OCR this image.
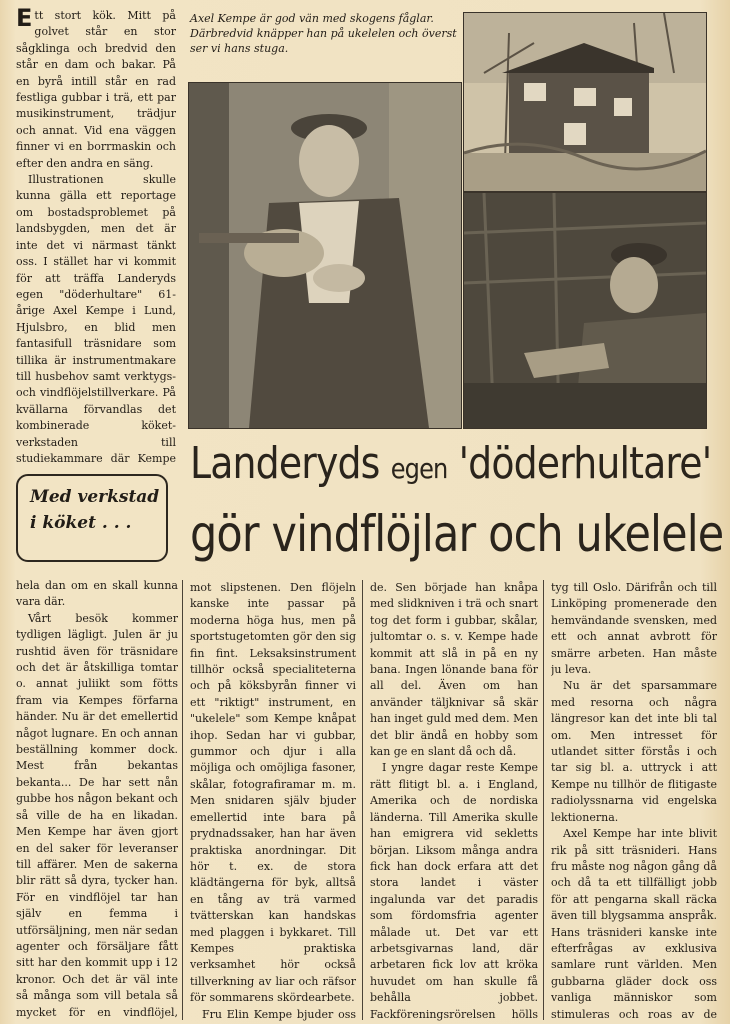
Ett stort kök. Mitt på golvet står en stor sågklinga och bredvid den står en dam och bakar. På en byrå intill står en rad festliga gubbar i trä, ett par musikinstrument, trädjur och annat. Vid ena väggen finner vi en borrmaskin och efter den andra en säng.

Illustrationen skulle kunna gälla ett reportage om bostadsproblemet på landsbygden, men det är inte det vi närmast tänkt oss. I stället har vi kommit för att träffa Landeryds egen "döderhultare" 61-årige Axel Kempe i Lund, Hjulsbro, en blid men fantasifull träsnidare som tillika är instrumentmakare till husbehov samt verktygs- och vindflöjelstillverkare. På kvällarna förvandlas det kombinerade köket-verkstaden till studiekammare där Kempe

Axel Kempe är god vän med skogens fåglar. Därbredvid knäpper han på ukelelen och överst ser vi hans stuga.
Landeryds egen 'döderhultare'
gör vindflöjlar och ukelele
Med verkstad
i köket . . .

hela dan om en skall kunna vara där.

Vårt besök kommer tydligen lägligt. Julen är ju rushtid även för träsnidare och det är åtskilliga tomtar o. annat juliikt som fötts fram via Kempes förfarna händer. Nu är det emellertid något lugnare. En och annan beställning kommer dock. Mest från bekantas bekanta... De har sett nån gubbe hos någon bekant och så ville de ha en likadan. Men Kempe har även gjort en del saker för leveranser till affärer. Men de sakerna blir rätt så dyra, tycker han. För en vindflöjel tar han själv en femma i utförsäljning, men när sedan agenter och försäljare fått sitt har den kommit upp i 12 kronor. Och det är väl inte så många som vill betala så mycket för en vindflöjel,

mot slipstenen. Den flöjeln kanske inte passar på moderna höga hus, men på sportstugetomten gör den sig fin fint. Leksaksinstrument tillhör också specialiteterna och på köksbyrån finner vi ett "riktigt" instrument, en "ukelele" som Kempe knåpat ihop. Sedan har vi gubbar, gummor och djur i alla möjliga och omöjliga fasoner, skålar, fotografiramar m. m. Men snidaren själv bjuder emellertid inte bara på prydnadssaker, han har även praktiska anordningar. Dit hör t. ex. de stora klädtängerna för byk, alltså en tång av trä varmed tvätterskan kan handskas med plaggen i bykkaret. Till Kempes praktiska verksamhet hör också tillverkning av liar och räfsor för sommarens skördearbete.

Fru Elin Kempe bjuder oss

de. Sen började han knåpa med slidkniven i trä och snart tog det form i gubbar, skålar, jultomtar o. s. v. Kempe hade kommit att slå in på en ny bana. Ingen lönande bana för all del. Även om han använder täljknivar så skär han inget guld med dem. Men det blir ändå en hobby som kan ge en slant då och då.

I yngre dagar reste Kempe rätt flitigt bl. a. i England, Amerika och de nordiska länderna. Till Amerika skulle han emigrera vid sekletts början. Liksom många andra fick han dock erfara att det stora landet i väster ingalunda var det paradis som fördomsfria agenter målade ut. Det var ett arbetsgivarnas land, där arbetaren fick lov att kröka huvudet om han skulle få behålla jobbet. Fackföreningsrörelsen hölls

tyg till Oslo. Därifrån och till Linköping promenerade den hemvändande svensken, med ett och annat avbrott för smärre arbeten. Han måste ju leva.

Nu är det sparsammare med resorna och några längresor kan det inte bli tal om. Men intresset för utlandet sitter förstås i och tar sig bl. a. uttryck i att Kempe nu tillhör de flitigaste radiolyssnarna vid engelska lektionerna.

Axel Kempe har inte blivit rik på sitt träsnideri. Hans fru måste nog någon gång då och då ta ett tillfälligt jobb för att pengarna skall räcka även till blygsamma anspråk. Hans träsnideri kanske inte efterfrågas av exklusiva samlare runt världen. Men gubbarna gläder dock oss vanliga människor som stimuleras och roas av de
